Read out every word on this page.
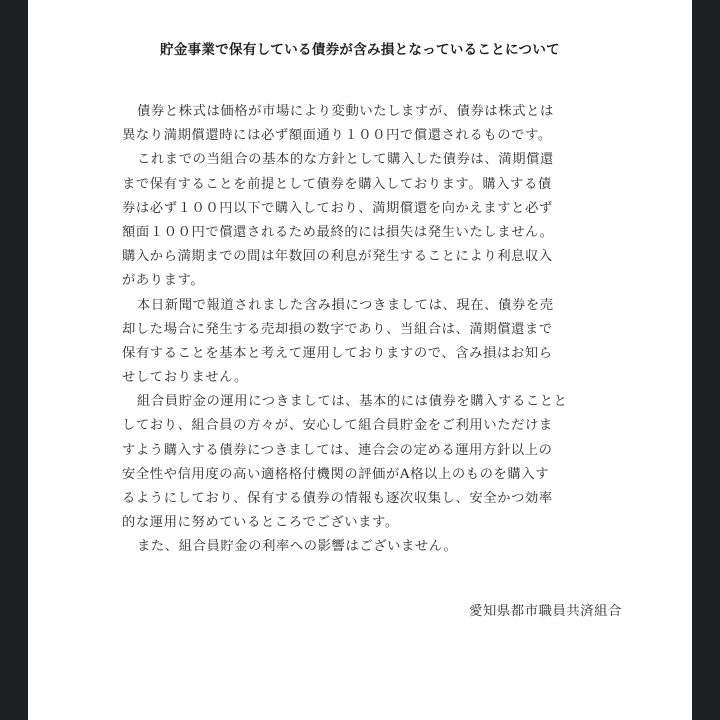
貯金事業で保有している債券が含み損となっていることについて
債券と株式は価格が市場により変動いたしますが、債券は株式とは
異なり満期償還時には必ず額面通り１００円で償還されるものです。
これまでの当組合の基本的な方針として購入した債券は、満期償還
まで保有することを前提として債券を購入しております。購入する債
券は必ず１００円以下で購入しており、満期償還を向かえますと必ず
額面１００円で償還されるため最終的には損失は発生いたしません。
購入から満期までの間は年数回の利息が発生することにより利息収入
があります。
本日新聞で報道されました含み損につきましては、現在、債券を売
却した場合に発生する売却損の数字であり、当組合は、満期償還まで
保有することを基本と考えて運用しておりますので、含み損はお知ら
せしておりません。
組合員貯金の運用につきましては、基本的には債券を購入することと
しており、組合員の方々が、安心して組合員貯金をご利用いただけま
すよう購入する債券につきましては、連合会の定める運用方針以上の
安全性や信用度の高い適格格付機関の評価がA格以上のものを購入す
るようにしており、保有する債券の情報も逐次収集し、安全かつ効率
的な運用に努めているところでございます。
また、組合員貯金の利率への影響はございません。
愛知県都市職員共済組合
